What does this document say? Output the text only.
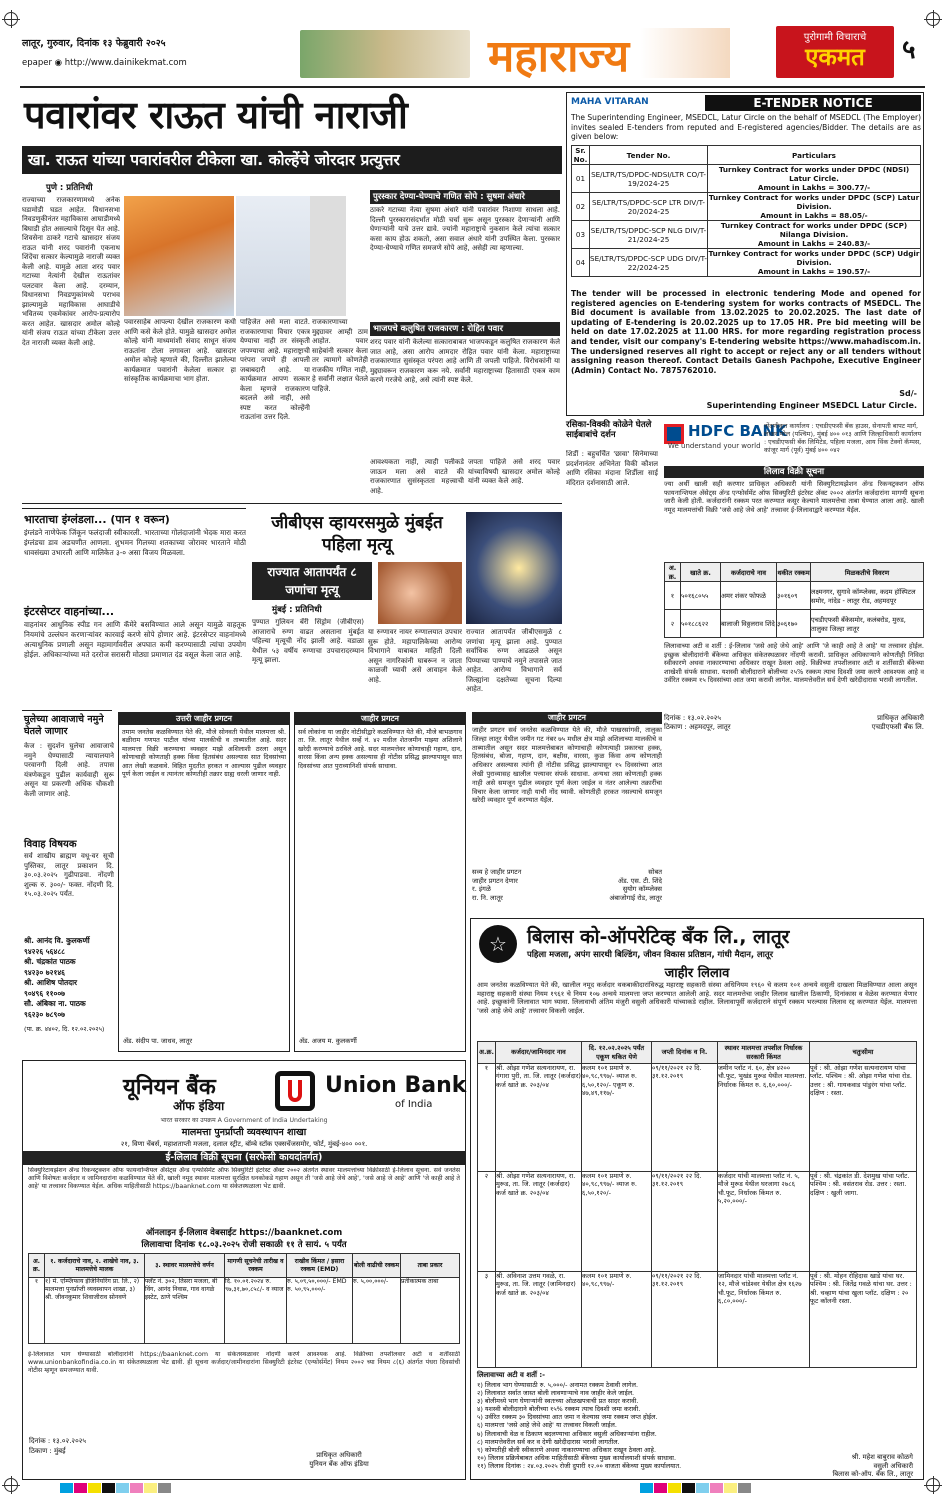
लातूर, गुरुवार, दिनांक १३ फेब्रुवारी २०२५
epaper ◉ http://www.dainikekmat.com	महाराज्य	पुरोगामी विचाराचे
एकमत	५
पवारांवर राऊत यांची नाराजी
खा. राऊत यांच्या पवारांवरील टीकेला खा. कोल्हेंचे जोरदार प्रत्युत्तर
पुणे : प्रतिनिधी
राज्याच्या राजकारणामध्ये अनेक घडामोडी घडत आहेत. विधानसभा निवडणुकीनंतर महाविकास आघाडीमध्ये बिघाडी होत असल्याचे दिसून येत आहे. शिवसेना ठाकरे गटाचे खासदार संजय राऊत यांनी शरद पवारांनी एकनाथ शिंदेंचा सत्कार केल्यामुळे नाराजी व्यक्त केली आहे. यामुळे आता शरद पवार गटाच्या नेत्यांनी देखील राऊतांवर पलटवार केला आहे. दरम्यान, विधानसभा निवडणुकांमध्ये पराभव झाल्यामुळे महाविकास आघाडीचे भवितव्य एकमेकांवर आरोप-प्रत्यारोप करत आहेत. खासदार अमोल कोल्हे यांनी संजय राऊत यांच्या टीकेला उत्तर देत नाराजी व्यक्त केली आहे.
पवारसाहेब आपल्या देखील राजकारण कधी आणि कसे केले होते. यामुळे खासदार अमोल कोल्हे यांनी माध्यमांशी संवाद साधून संजय राऊतांना टोला लगावला आहे. खासदार अमोल कोल्हे म्हणाले की, दिल्लीत झालेल्या कार्यक्रमात पवारांनी केलेला सत्कार हा सांस्कृतिक कार्यक्रमाचा भाग होता.
पाहिजेत असे मला वाटते. राजकारणाचा विचार एकत्र येण्याचा नाही तर संस्कृती जपण्याचा आहे. महाराष्ट्राची परंपरा जपणे ही आपली जबाबदारी आहे. या कार्यक्रमात आपण सत्कार केला म्हणजे राजकारण बदलले असे नाही, असे स्पष्ट करत कोल्हेंनी राऊतांना उत्तर दिले.
राजकारणाच्या मुद्द्यावर आम्ही ठाम आहोत. पवार साहेबांनी सत्कार केला तर त्यामागे कोणतेही राजकीय गणित नाही, हे सर्वांनी लक्षात घेतले पाहिजे.
पुरस्कार देण्या-घेण्याचे गणित सोपे : सुषमा अंधारे
ठाकरे गटाच्या नेत्या सुषमा अंधारे यांनी पवारांवर निशाणा साधला आहे. दिल्ली पुरस्कारासंदर्भात मोठी चर्चा सुरू असून पुरस्कार देणाऱ्यांनी आणि घेणाऱ्यांनी याचे उत्तर द्यावे. ज्यांनी महाराष्ट्राचे नुकसान केले त्यांचा सत्कार कसा काय होऊ शकतो, असा सवाल अंधारे यांनी उपस्थित केला. पुरस्कार देण्या-घेण्याचे गणित समजणे सोपे आहे, असेही त्या म्हणाल्या.
भाजपचे कलुषित राजकारण : रोहित पवार
शरद पवार यांनी केलेल्या सत्काराबाबत भाजपकडून कलुषित राजकारण केले जात आहे, असा आरोप आमदार रोहित पवार यांनी केला. महाराष्ट्राच्या राजकारणात सुसंस्कृत परंपरा आहे आणि ती जपली पाहिजे. विरोधकांनी या मुद्द्यावरून राजकारण करू नये. सर्वांनी महाराष्ट्राच्या हितासाठी एकत्र काम करणे गरजेचे आहे, असे त्यांनी स्पष्ट केले.
आवश्यकता नाही, त्याही पलीकडे जाऊन मला असे वाटते की राजकारणात सुसंस्कृतता महत्त्वाची आहे.
जपता पाहिजे असे शरद पवार यांच्याविषयी खासदार अमोल कोल्हे यांनी व्यक्त केले आहे.
MAHA VITARAN	E-TENDER NOTICE
The Superintending Engineer, MSEDCL, Latur Circle on the behalf of MSEDCL (The Employer) invites sealed E-tenders from reputed and E-registered agencies/Bidder. The details are as given below:
Sr. No.	Tender No.	Particulars
01	SE/LTR/TS/DPDC-NDSI/LTR CO/T-19/2024-25	Turnkey Contract for works under DPDC (NDSI) Latur Circle.
Amount in Lakhs = 300.77/-
02	SE/LTR/TS/DPDC-SCP LTR DIV/T-20/2024-25	Turnkey Contract for works under DPDC (SCP) Latur Division.
Amount in Lakhs = 88.05/-
03	SE/LTR/TS/DPDC-SCP NLG DIV/T-21/2024-25	Turnkey Contract for works under DPDC (SCP) Nilanga Division.
Amount in Lakhs = 240.83/-
04	SE/LTR/TS/DPDC-SCP UDG DIV/T-22/2024-25	Turnkey Contract for works under DPDC (SCP) Udgir Division.
Amount in Lakhs = 190.57/-
The tender will be processed in electronic tendering Mode and opened for registered agencies on E-tendering system for works contracts of MSEDCL. The Bid document is available from 13.02.2025 to 20.02.2025. The last date of updating of E-tendering is 20.02.2025 up to 17.05 HR. Pre bid meeting will be held on date 17.02.2025 at 11.00 HRS. for more regarding registration process and tender, visit our company's E-tendering website https://www.mahadiscom.in. The undersigned reserves all right to accept or reject any or all tenders without assigning reason thereof. Contact Details Ganesh Pachpohe, Executive Engineer (Admin) Contact No. 7875762010.
Sd/-
Superintending Engineer MSEDCL Latur Circle.
रसिका-विक्की कोळेने घेतले साईबाबांचे दर्शन
शिर्डी : बहुचर्चित 'छावा' सिनेमाच्या प्रदर्शनानंतर अभिनेता विकी कौशल आणि रसिका मंदाना शिर्डीला साई मंदिरात दर्शनासाठी आले.
HDFC BANK
We understand your world
नोंदणीकृत कार्यालय : एचडीएफसी बँक हाउस, सेनापती बापट मार्ग, लोअर परेल (पश्चिम), मुंबई ४०० ०१३ आणि जिल्हाधिकारी कार्यालय : एचडीएफसी बँक लिमिटेड, पहिला मजला, आय थिंक टेक्नो कॅम्पस, कांजूर मार्ग (पूर्व) मुंबई ४०० ०४२
लिलाव विक्री सूचना
ज्या अर्थी खाली सही करणार प्राधिकृत अधिकारी यांनी सिक्युरिटायझेशन ॲन्ड रिकन्स्ट्रक्शन ऑफ फायनान्शियल ॲसेट्स ॲन्ड एन्फोर्समेंट ऑफ सिक्युरिटी इंटरेस्ट ॲक्ट २००२ अंतर्गत कर्जदारांना मागणी सूचना जारी केली होती. कर्जदारांनी रक्कम परत करण्यात कसूर केल्याने मालमत्तेचा ताबा घेण्यात आला आहे. खाली नमूद मालमत्तांची विक्री 'जसे आहे जेथे आहे' तत्त्वावर ई-लिलावाद्वारे करण्यात येईल.
अ. क्र.	खाते क्र.	कर्जदाराचे नाव	थकीत रक्कम	मिळकतीचे विवरण
१	५०१६८०५५	अमर शंकर फोफळे	३०१६०९	लक्ष्मनगर, सुगावे कॉम्प्लेक्स, कदम हॉस्पिटल समोर, नांदेड - लातूर रोड, अहमदपूर
२	५०१८८६२२	बालाजी विठ्ठलराव शिंदे	३०६१७०	एचडीएफसी बँकेसमोर, कलंबरोड, मुरुड, तालुका जिल्हा लातूर
लिलावाच्या अटी व शर्ती : ई-लिलाव 'जसे आहे जेथे आहे' आणि 'जे काही आहे ते आहे' या तत्त्वावर होईल. इच्छुक बोलीदारांनी बँकेच्या अधिकृत संकेतस्थळावर नोंदणी करावी. प्राधिकृत अधिकाऱ्याने कोणतीही निविदा स्वीकारणे अथवा नाकारण्याचा अधिकार राखून ठेवला आहे. विक्रीच्या तपशीलवार अटी व शर्तीसाठी बँकेच्या शाखेशी संपर्क साधावा. यशस्वी बोलीदाराने बोलीच्या २५% रक्कम त्याच दिवशी जमा करणे आवश्यक आहे व उर्वरित रक्कम १५ दिवसांच्या आत जमा करावी लागेल. मालमत्तेवरील सर्व देणी खरेदीदारास भरावी लागतील.
दिनांक : १३.०२.२०२५
ठिकाण : अहमदपूर, लातूर
प्राधिकृत अधिकारी
एचडीएफसी बँक लि.
भारताचा इंग्लंडला... (पान १ वरून)
इंग्लंडने नाणेफेक जिंकून फलंदाजी स्वीकारली. भारताच्या गोलंदाजांनी भेदक मारा करत इंग्लंडचा डाव अडचणीत आणला. शुभमन गिलच्या शतकाच्या जोरावर भारताने मोठी धावसंख्या उभारली आणि मालिकेत ३-० असा विजय मिळवला.
इंटरसेप्टर वाहनांच्या...
वाहनांवर आधुनिक स्पीड गन आणि कॅमेरे बसविण्यात आले असून यामुळे वाहतूक नियमांचे उल्लंघन करणाऱ्यांवर कारवाई करणे सोपे होणार आहे. इंटरसेप्टर वाहनांमध्ये अत्याधुनिक प्रणाली असून महामार्गावरील अपघात कमी करण्यासाठी त्यांचा उपयोग होईल. अधिकाऱ्यांच्या मते दररोज सरासरी मोठ्या प्रमाणात दंड वसूल केला जात आहे.
जीबीएस व्हायरसमुळे मुंबईत पहिला मृत्यू
राज्यात आतापर्यंत ८ जणांचा मृत्यू
मुंबई : प्रतिनिधी
पुण्यात गुलियन बॅरी सिंड्रोम (जीबीएस) आजाराचे रुग्ण वाढत असताना मुंबईत पहिल्या मृत्यूची नोंद झाली आहे. वडाळा येथील ५३ वर्षीय रुग्णाचा उपचारादरम्यान मृत्यू झाला.
या रुग्णावर नायर रुग्णालयात उपचार सुरू होते. महापालिकेच्या आरोग्य विभागाने याबाबत माहिती दिली असून नागरिकांनी घाबरून न जाता काळजी घ्यावी असे आवाहन केले आहे.
राज्यात आतापर्यंत जीबीएसमुळे ८ जणांचा मृत्यू झाला आहे. पुण्यात सर्वाधिक रुग्ण आढळले असून पिण्याच्या पाण्याचे नमुने तपासले जात आहेत. आरोग्य विभागाने सर्व जिल्ह्यांना दक्षतेच्या सूचना दिल्या आहेत.
जाहीर प्रगटन
जाहीर प्रगटन सर्व जनतेस कळविण्यात येते की, मौजे पाखरसांगवी, तालुका जिल्हा लातूर येथील जमीन गट नंबर ७५ मधील क्षेत्र माझे अशिलाच्या मालकीचे व ताब्यातील असून सदर मालमत्तेबाबत कोणाचाही कोणत्याही प्रकारचा हक्क, हितसंबंध, बोजा, गहाण, दान, बक्षीस, वारसा, कुळ किंवा अन्य कोणताही अधिकार असल्यास त्यांनी ही नोटीस प्रसिद्ध झाल्यापासून १५ दिवसांच्या आत लेखी पुराव्यासह खालील पत्त्यावर संपर्क साधावा. अन्यथा तसा कोणताही हक्क नाही असे समजून पुढील व्यवहार पूर्ण केला जाईल व नंतर आलेल्या तक्रारींचा विचार केला जाणार नाही याची नोंद घ्यावी. कोणतीही हरकत नसल्याचे समजून खरेदी व्यवहार पूर्ण करण्यात येईल.
सव्य हे जाहीर प्रगटन	सोबत
जाहीर प्रगटन देणार	ॲड. एस. टी. शिंदे
र. इंगळे	सुयोग कॉम्प्लेक्स
रा. नि. लातूर	अंबाजोगाई रोड, लातूर
घुलेच्या आवाजाचे नमुने घेतले जाणार
केज : सुदर्शन घुलेचा आवाजाचे नमुने घेण्यासाठी न्यायालयाने परवानगी दिली आहे. तपास यंत्रणेकडून पुढील कार्यवाही सुरू असून या प्रकरणी अधिक चौकशी केली जाणार आहे.
विवाह विषयक
सर्व शाखीय ब्राह्मण वधू-वर सूची पुस्तिका, लातूर प्रकाशन दि. ३०.०३.२०२५ गुढीपाडवा. नोंदणी शुल्क रु. ३००/- फक्त. नोंदणी दि. १५.०३.२०२५ पर्यंत.
श्री. आनंद वि. कुलकर्णी
९४२२६ ५६४८८
श्री. चंद्रकांत पाठक
९४२३० ७२१४६
श्री. आशिष पोतदार
९०४९६ ११००७
सौ. अंबिका ना. पाठक
९६२३० ७८९०७
(पा. क्र. ४४०२, दि. १२.०२.२०२५)
उत्तरी जाहीर प्रगटन
तमाम जनतेस कळविण्यात येते की, मौजे सोनवती येथील मालमत्ता श्री. बळीराम गणपत पाटील यांच्या मालकीची व ताब्यातील आहे. सदर मालमत्ता विक्री करण्याचा व्यवहार माझे अशिलाशी ठरला असून कोणाचाही कोणताही हक्क किंवा हितसंबंध असल्यास सात दिवसांच्या आत लेखी कळवावे. विहित मुदतीत हरकत न आल्यास पुढील व्यवहार पूर्ण केला जाईल व त्यानंतर कोणतीही तक्रार ग्राह्य धरली जाणार नाही.
ॲड. संदीप पा. जाधव, लातूर
जाहीर प्रगटन
सर्व लोकांना या जाहीर नोटीसीद्वारे कळविण्यात येते की, मौजे बाभळगाव ता. जि. लातूर येथील सर्व्हे नं. ४२ मधील शेतजमीन माझ्या अशिलाने खरेदी करण्याचे ठरविले आहे. सदर मालमत्तेवर कोणाचाही गहाण, दान, वारसा किंवा अन्य हक्क असल्यास ही नोटीस प्रसिद्ध झाल्यापासून सात दिवसांच्या आत पुराव्यानिशी संपर्क साधावा.
ॲड. अजय म. कुलकर्णी
☆	बिलास को-ऑपरेटिव्ह बँक लि., लातूर
पहिला मजला, अपंग सारथी बिल्डिंग, जीवन विकास प्रतिष्ठान, गांधी मैदान, लातूर
जाहीर लिलाव
आम जनतेस कळविण्यात येते की, खालील नमूद कर्जदार थकबाकीदारांविरुद्ध महाराष्ट्र सहकारी संस्था अधिनियम १९६० चे कलम १०१ अन्वये वसुली दाखला मिळविण्यात आला असून महाराष्ट्र सहकारी संस्था नियम १९६१ चे नियम १०७ अन्वये मालमत्ता जप्त करण्यात आलेली आहे. सदर मालमत्तेचा जाहीर लिलाव खालील ठिकाणी, दिनांकास व वेळेस करण्यात येणार आहे. इच्छुकांनी लिलावात भाग घ्यावा. लिलावाची अंतिम मंजुरी वसुली अधिकारी यांच्याकडे राहील. लिलावापूर्वी कर्जदाराने संपूर्ण रक्कम भरल्यास लिलाव रद्द करण्यात येईल. मालमत्ता 'जसे आहे जेथे आहे' तत्त्वावर विकली जाईल.
अ.क्र.	कर्जदार/जामिनदार नाव	दि. १२.०२.२०२५ पर्यंत एकूण थकित येणे	जप्ती दिनांक व नि.	स्थावर मालमत्ता तपशील निर्धारक सरकारी किंमत	चतुःसीमा
१	श्री. ओझा गणेश सत्यनारायण, रा. गंगारा पुरी, ता. जि. लातूर (कर्जदार) कर्ज खाते क्र. २०३/०४	कलम १०१ प्रमाणे रु. ४०,९८,९९७/- व्याज रु. ६,५०,१२०/- एकूण रु. ४७,४९,११७/-	०९/११/२०२१ २२ दि. ३१.१२.२०१९	जमीन प्लॉट नं. ६०, क्षेत्र ४२०० चौ.फूट, भुखंड मुरूड येथील मालमत्ता. निर्धारक किंमत रु. ६,६०,०००/-	पूर्व : श्री. ओझा गणेश सत्यनारायण यांचा प्लॉट. पश्चिम : श्री. ओझा गणेश यांचा रोड. उत्तर : श्री. गायकवाड पांडुरंग यांचा प्लॉट. दक्षिण : रस्ता.
२	श्री. ओझा गणेश सत्यनारायण, रा. मुरूड, ता. जि. लातूर (कर्जदार) कर्ज खाते क्र. २०३/०४	कलम १०१ प्रमाणे रु. ४०,९८,९९७/- व्याज रु. ६,५०,१२०/-	०९/११/२०२१ २२ दि. ३१.१२.२०१९	कर्जदार यांची मालमत्ता प्लॉट नं. ५, मौजे मुरूड येथील घरजागा २७८६ चौ.फूट, निर्धारक किंमत रु. ५,२०,०००/-	पूर्व : श्री. चंद्रकांत डी. देशमुख यांचा प्लॉट. पश्चिम : श्री. वसंतराव रोड. उत्तर : रस्ता. दक्षिण : खुली जागा.
३	श्री. अविनाश उत्तम गवळे, रा. मुरूड, ता. जि. लातूर (जामिनदार) कर्ज खाते क्र. २०३/०४	कलम १०१ प्रमाणे रु. ४०,९८,९९७/-	०९/११/२०२१ २२ दि. ३१.१२.२०१९	जामिनदार यांची मालमत्ता प्लॉट नं. १२, मौजे चांडेश्वर येथील क्षेत्र १६२७ चौ.फूट, निर्धारक किंमत रु. ६,८०,०००/-	पूर्व : श्री. मोहन रोहिदास खाडे यांचा घर. पश्चिम : श्री. जितेंद्र गवळे यांचा घर. उत्तर : श्री. चव्हाण यांचा खुला प्लॉट. दक्षिण : २० फूट कॉलनी रस्ता.
लिलावाच्या अटी व शर्ती :-
१) लिलाव भाग घेण्यासाठी रु. ५,०००/- अनामत रक्कम ठेवावी लागेल.
२) लिलावात सर्वात जास्त बोली लावणाऱ्याचे नाव जाहीर केले जाईल.
३) बोलीमध्ये भाग घेणाऱ्यांनी स्वतःच्या ओळखपत्राची प्रत सादर करावी.
४) यशस्वी बोलीदाराने बोलीच्या १५% रक्कम त्याच दिवशी जमा करावी.
५) उर्वरित रक्कम ३० दिवसांच्या आत जमा न केल्यास जमा रक्कम जप्त होईल.
६) मालमत्ता 'जसे आहे जेथे आहे' या तत्त्वावर विकली जाईल.
७) लिलावाची वेळ व ठिकाण बदलण्याचा अधिकार वसुली अधिकाऱ्यांना राहील.
८) मालमत्तेवरील सर्व कर व देणी खरेदीदारास भरावी लागतील.
९) कोणतीही बोली स्वीकारणे अथवा नाकारण्याचा अधिकार राखून ठेवला आहे.
१०) लिलाव प्रक्रियेबाबत अधिक माहितीसाठी बँकेच्या मुख्य कार्यालयाशी संपर्क साधावा.
११) लिलाव दिनांक : २४.०३.२०२५ रोजी दुपारी १२.०० वाजता बँकेच्या मुख्य कार्यालयात.
श्री. महेश बाबुराव कोळगे
वसुली अधिकारी
बिलास को-ऑप. बँक लि., लातूर
यूनियन बैंक
ऑफ इंडिया
Union Bank
of India
भारत सरकार का उपक्रम A Government of India Undertaking
मालमत्ता पुनर्प्राप्ती व्यवस्थापन शाखा
२१, विणा चेंबर्स, महाशताप्ती मजला, दलाल स्ट्रीट, बॉम्बे स्टॉक एक्सचेंजसमोर, फोर्ट, मुंबई-४०० ००१.
ई-लिलाव विक्री सूचना (सरफेसी कायदांतर्गत)
सिक्युरिटायझेशन ॲन्ड रिकन्स्ट्रक्शन ऑफ फायनान्शियल ॲसेट्स ॲन्ड एन्फोर्समेंट ऑफ सिक्युरिटी इंटरेस्ट ॲक्ट २००२ अंतर्गत स्थावर मालमत्तांच्या विक्रीसाठी ई-लिलाव सूचना. सर्व जनतेस आणि विशेषतः कर्जदार व जामिनदारांना कळविण्यात येते की, खाली नमूद स्थावर मालमत्ता सुरक्षित धनकोकडे गहाण असून ती 'जसे आहे जेथे आहे', 'जसे आहे जे आहे' आणि 'जे काही आहे ते आहे' या तत्त्वावर विकण्यात येईल. अधिक माहितीसाठी https://baanknet.com या संकेतस्थळाला भेट द्यावी.
ऑनलाइन ई-लिलाव वेबसाईट https://baanknet.com
लिलावाचा दिनांक १८.०३.२०२५ रोजी सकाळी ११ ते सायं. ५ पर्यंत
अ. क्र.	१. कर्जदाराचे नाव, २. शाखेचे नाव, ३. मालमत्तेचे मालक	३. स्थावर मालमत्तेचे वर्णन	मागणी सूचनेची तारीख व रक्कम	राखीव किंमत / इसारा रक्कम (EMD)	बोली वाढीची रक्कम	ताबा प्रकार
१	१) मे. एम्प्लिफाय इंजिनियरिंग प्रा. लि., २) मालमत्ता पुनर्प्राप्ती व्यवस्थापन शाखा, ३) श्री. जीवनकुमार शिवाजीराव सोनवणे	फ्लॅट नं. ३०२, तिसरा मजला, बी विंग, आनंद निवास, गाव वागळे इस्टेट, ठाणे पश्चिम	दि. १०.०१.२०२४ रु. ९७,३१,७०,८५८/- व व्याज	रु. ५,०९,५०,०००/- EMD रु. ५०,९५,०००/-	रु. ५,००,०००/-	प्रतीकात्मक ताबा
ई-लिलावात भाग घेण्यासाठी बोलीदारांनी https://baanknet.com या संकेतस्थळावर नोंदणी करणे आवश्यक आहे. विक्रीच्या तपशीलवार अटी व शर्तींसाठी www.unionbankofindia.co.in या संकेतस्थळाला भेट द्यावी. ही सूचना कर्जदार/जामीनदारांना सिक्युरिटी इंटरेस्ट (एन्फोर्समेंट) नियम २००२ च्या नियम ८(६) अंतर्गत पंधरा दिवसांची नोटीस म्हणून समजण्यात यावी.
दिनांक : १३.०२.२०२५
ठिकाण : मुंबई	प्राधिकृत अधिकारी
युनियन बँक ऑफ इंडिया
